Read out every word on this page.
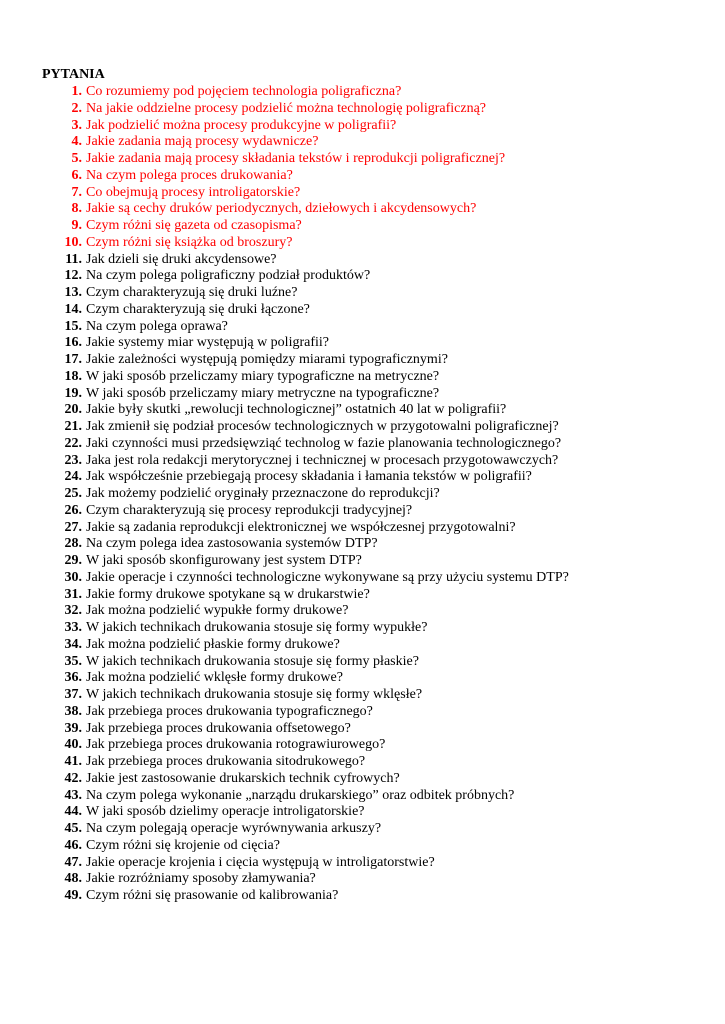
PYTANIA
1. Co rozumiemy pod pojęciem technologia poligraficzna?
2. Na jakie oddzielne procesy podzielić można technologię poligraficzną?
3. Jak podzielić można procesy produkcyjne w poligrafii?
4. Jakie zadania mają procesy wydawnicze?
5. Jakie zadania mają procesy składania tekstów i reprodukcji poligraficznej?
6. Na czym polega proces drukowania?
7. Co obejmują procesy introligatorskie?
8. Jakie są cechy druków periodycznych, dziełowych i akcydensowych?
9. Czym różni się gazeta od czasopisma?
10. Czym różni się książka od broszury?
11. Jak dzieli się druki akcydensowe?
12. Na czym polega poligraficzny podział produktów?
13. Czym charakteryzują się druki luźne?
14. Czym charakteryzują się druki łączone?
15. Na czym polega oprawa?
16. Jakie systemy miar występują w poligrafii?
17. Jakie zależności występują pomiędzy miarami typograficznymi?
18. W jaki sposób przeliczamy miary typograficzne na metryczne?
19. W jaki sposób przeliczamy miary metryczne na typograficzne?
20. Jakie były skutki „rewolucji technologicznej” ostatnich 40 lat w poligrafii?
21. Jak zmienił się podział procesów technologicznych w przygotowalni poligraficznej?
22. Jaki czynności musi przedsięwziąć technolog w fazie planowania technologicznego?
23. Jaka jest rola redakcji merytorycznej i technicznej w procesach przygotowawczych?
24. Jak współcześnie przebiegają procesy składania i łamania tekstów w poligrafii?
25. Jak możemy podzielić oryginały przeznaczone do reprodukcji?
26. Czym charakteryzują się procesy reprodukcji tradycyjnej?
27. Jakie są zadania reprodukcji elektronicznej we współczesnej przygotowalni?
28. Na czym polega idea zastosowania systemów DTP?
29. W jaki sposób skonfigurowany jest system DTP?
30. Jakie operacje i czynności technologiczne wykonywane są przy użyciu systemu DTP?
31. Jakie formy drukowe spotykane są w drukarstwie?
32. Jak można podzielić wypukłe formy drukowe?
33. W jakich technikach drukowania stosuje się formy wypukłe?
34. Jak można podzielić płaskie formy drukowe?
35. W jakich technikach drukowania stosuje się formy płaskie?
36. Jak można podzielić wklęsłe formy drukowe?
37. W jakich technikach drukowania stosuje się formy wklęsłe?
38. Jak przebiega proces drukowania typograficznego?
39. Jak przebiega proces drukowania offsetowego?
40. Jak przebiega proces drukowania rotograwiurowego?
41. Jak przebiega proces drukowania sitodrukowego?
42. Jakie jest zastosowanie drukarskich technik cyfrowych?
43. Na czym polega wykonanie „narządu drukarskiego” oraz odbitek próbnych?
44. W jaki sposób dzielimy operacje introligatorskie?
45. Na czym polegają operacje wyrównywania arkuszy?
46. Czym różni się krojenie od cięcia?
47. Jakie operacje krojenia i cięcia występują w introligatorstwie?
48. Jakie rozróżniamy sposoby złamywania?
49. Czym różni się prasowanie od kalibrowania?
